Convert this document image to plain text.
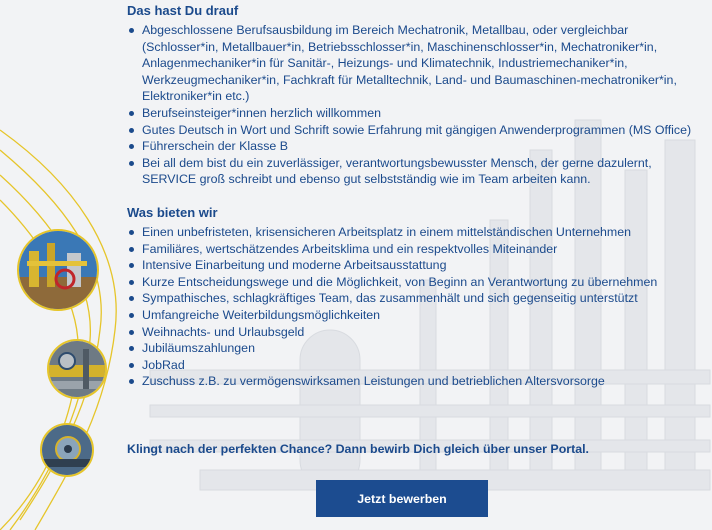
Das hast Du drauf
Abgeschlossene Berufsausbildung im Bereich Mechatronik, Metallbau, oder vergleichbar (Schlosser*in, Metallbauer*in, Betriebsschlosser*in, Maschinenschlosser*in, Mechatroniker*in, Anlagenmechaniker*in für Sanitär-, Heizungs- und Klimatechnik, Industriemechaniker*in, Werkzeugmechaniker*in, Fachkraft für Metalltechnik, Land- und Baumaschinen-mechatroniker*in, Elektroniker*in etc.)
Berufseinsteiger*innen herzlich willkommen
Gutes Deutsch in Wort und Schrift sowie Erfahrung mit gängigen Anwenderprogrammen (MS Office)
Führerschein der Klasse B
Bei all dem bist du ein zuverlässiger, verantwortungsbewusster Mensch, der gerne dazulernt, SERVICE groß schreibt und ebenso gut selbstständig wie im Team arbeiten kann.
Was bieten wir
Einen unbefristeten, krisensicheren Arbeitsplatz in einem mittelständischen Unternehmen
Familiäres, wertschätzendes Arbeitsklima und ein respektvolles Miteinander
Intensive Einarbeitung und moderne Arbeitsausstattung
Kurze Entscheidungswege und die Möglichkeit, von Beginn an Verantwortung zu übernehmen
Sympathisches, schlagkräftiges Team, das zusammenhält und sich gegenseitig unterstützt
Umfangreiche Weiterbildungsmöglichkeiten
Weihnachts- und Urlaubsgeld
Jubiläumszahlungen
JobRad
Zuschuss z.B. zu vermögenswirksamen Leistungen und betrieblichen Altersvorsorge
Klingt nach der perfekten Chance? Dann bewirb Dich gleich über unser Portal.
Jetzt bewerben
